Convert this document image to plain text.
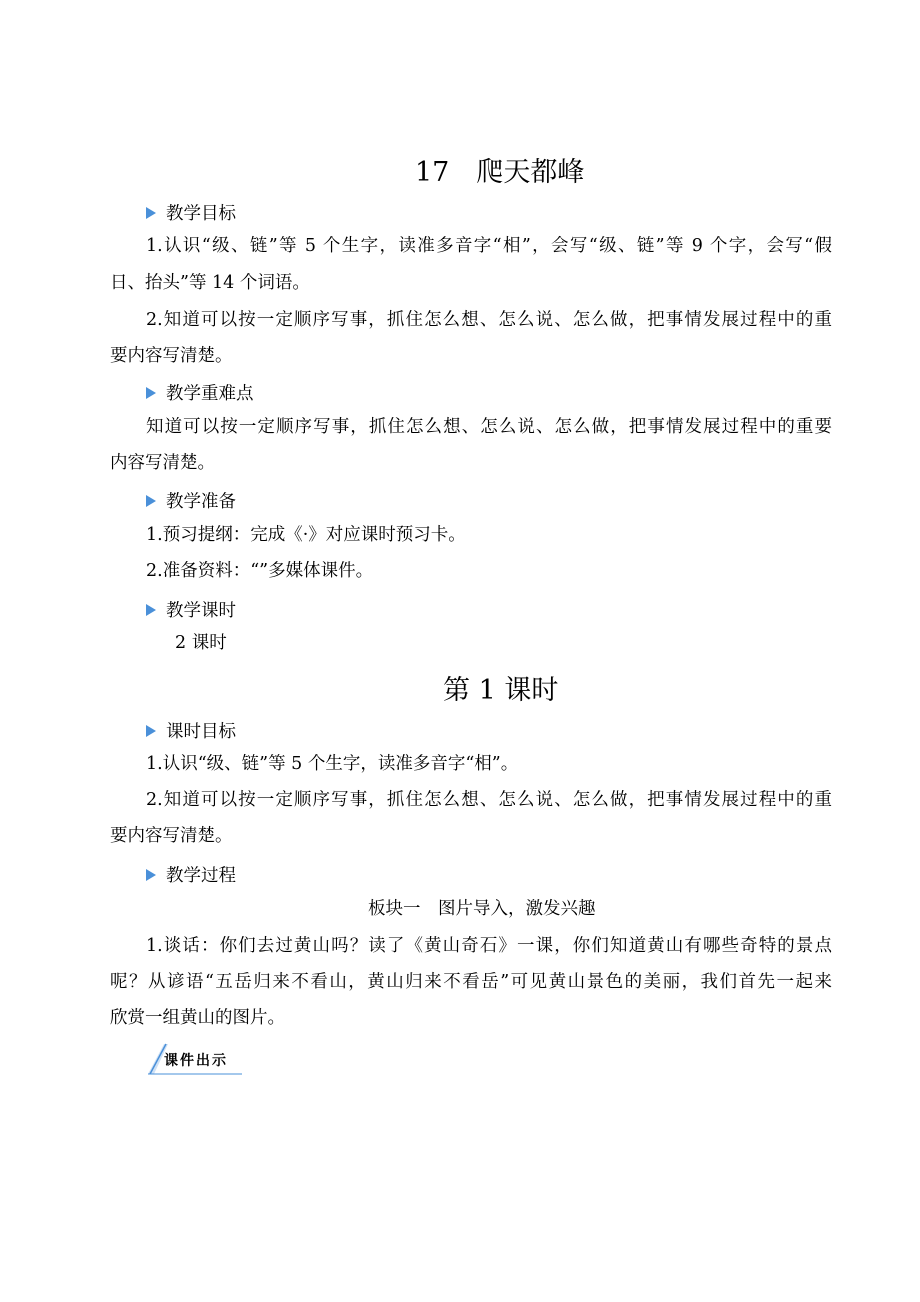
17　爬天都峰
教学目标
1.认识“级、链”等 5 个生字，读准多音字“相”，会写“级、链”等 9 个字，会写“假
日、抬头”等 14 个词语。
2.知道可以按一定顺序写事，抓住怎么想、怎么说、怎么做，把事情发展过程中的重
要内容写清楚。
教学重难点
知道可以按一定顺序写事，抓住怎么想、怎么说、怎么做，把事情发展过程中的重要
内容写清楚。
教学准备
1.预习提纲：完成《·》对应课时预习卡。
2.准备资料：“”多媒体课件。
教学课时
2 课时
第 1 课时
课时目标
1.认识“级、链”等 5 个生字，读准多音字“相”。
2.知道可以按一定顺序写事，抓住怎么想、怎么说、怎么做，把事情发展过程中的重
要内容写清楚。
教学过程
板块一　图片导入，激发兴趣
1.谈话：你们去过黄山吗？读了《黄山奇石》一课，你们知道黄山有哪些奇特的景点
呢？从谚语“五岳归来不看山，黄山归来不看岳”可见黄山景色的美丽，我们首先一起来
欣赏一组黄山的图片。
课件出示
